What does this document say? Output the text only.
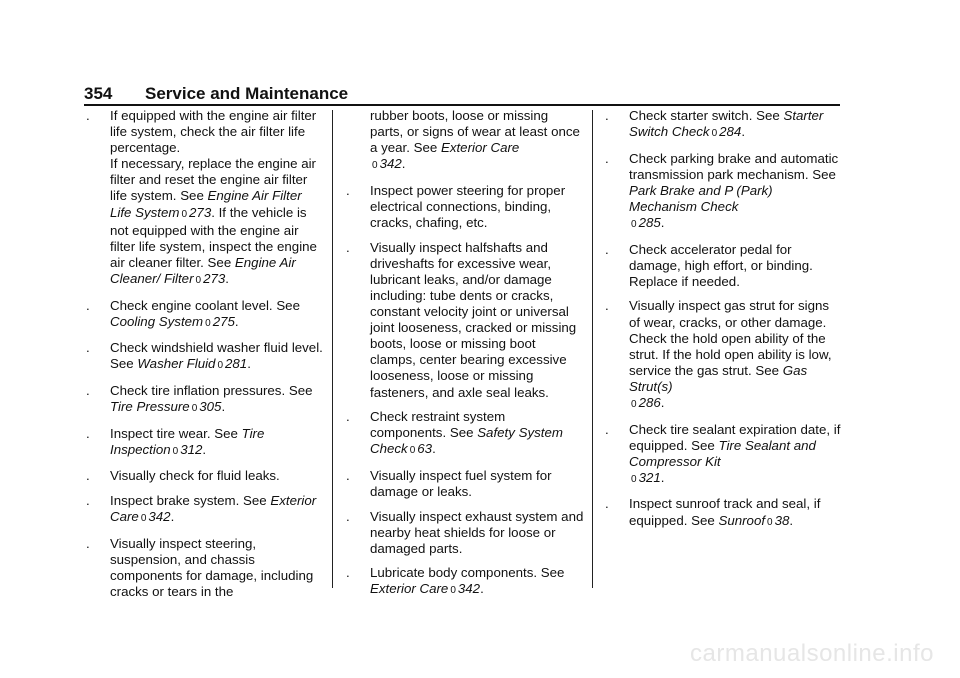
354 Service and Maintenance
. If equipped with the engine air filter life system, check the air filter life percentage.

If necessary, replace the engine air filter and reset the engine air filter life system. See Engine Air Filter Life System 0 273. If the vehicle is not equipped with the engine air filter life system, inspect the engine air cleaner filter. See Engine Air Cleaner/ Filter 0 273.

. Check engine coolant level. See Cooling System 0 275.
. Check windshield washer fluid level. See Washer Fluid 0 281.
. Check tire inflation pressures. See Tire Pressure 0 305.
. Inspect tire wear. See Tire Inspection 0 312.
. Visually check for fluid leaks.
. Inspect brake system. See Exterior Care 0 342.
. Visually inspect steering, suspension, and chassis components for damage, including cracks or tears in the
rubber boots, loose or missing parts, or signs of wear at least once a year. See Exterior Care
0 342.
. Inspect power steering for proper electrical connections, binding, cracks, chafing, etc.
. Visually inspect halfshafts and driveshafts for excessive wear, lubricant leaks, and/or damage including: tube dents or cracks, constant velocity joint or universal joint looseness, cracked or missing boots, loose or missing boot clamps, center bearing excessive looseness, loose or missing fasteners, and axle seal leaks.
. Check restraint system components. See Safety System Check 0 63.
. Visually inspect fuel system for damage or leaks.
. Visually inspect exhaust system and nearby heat shields for loose or damaged parts.
. Lubricate body components. See Exterior Care 0 342.
. Check starter switch. See Starter Switch Check 0 284.
. Check parking brake and automatic transmission park mechanism. See Park Brake and P (Park) Mechanism Check
0 285.
. Check accelerator pedal for damage, high effort, or binding. Replace if needed.
. Visually inspect gas strut for signs of wear, cracks, or other damage. Check the hold open ability of the strut. If the hold open ability is low, service the gas strut. See Gas Strut(s)
0 286.
. Check tire sealant expiration date, if equipped. See Tire Sealant and Compressor Kit
0 321.
. Inspect sunroof track and seal, if equipped. See Sunroof 0 38.
carmanualsonline.info
